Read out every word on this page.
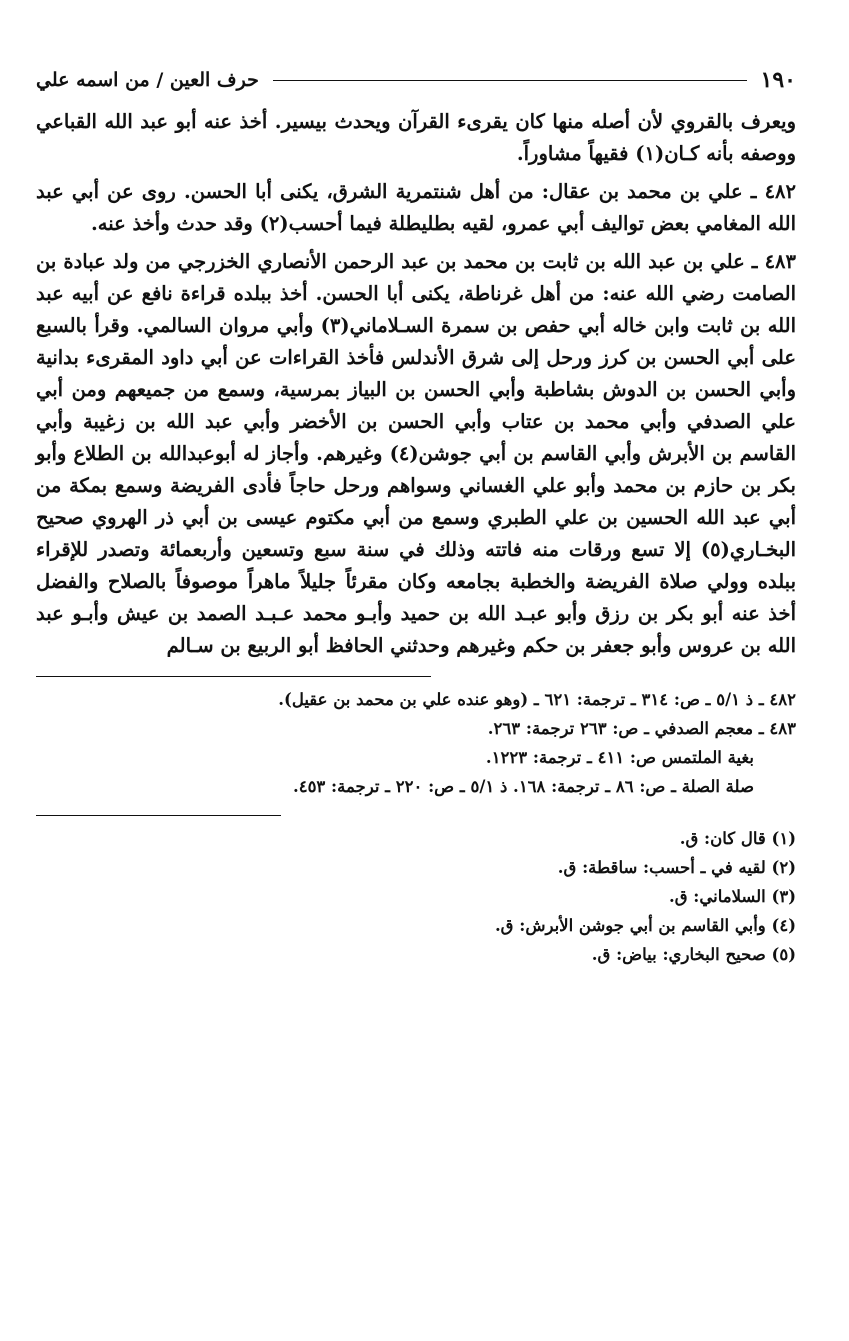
١٩٠
حرف العين / من اسمه علي

ويعرف بالقروي لأن أصله منها كان يقرىء القرآن ويحدث بيسير. أخذ عنه أبو عبد الله القباعي ووصفه بأنه كـان(١) فقيهاً مشاوراً.

٤٨٢ ـ علي بن محمد بن عقال: من أهل شنتمرية الشرق، يكنى أبا الحسن. روى عن أبي عبد الله المغامي بعض تواليف أبي عمرو، لقيه بطليطلة فيما أحسب(٢) وقد حدث وأخذ عنه.

٤٨٣ ـ علي بن عبد الله بن ثابت بن محمد بن عبد الرحمن الأنصاري الخزرجي من ولد عبادة بن الصامت رضي الله عنه: من أهل غرناطة، يكنى أبا الحسن. أخذ ببلده قراءة نافع عن أبيه عبد الله بن ثابت وابن خاله أبي حفص بن سمرة السـلاماني(٣) وأبي مروان السالمي. وقرأ بالسبع على أبي الحسن بن كرز ورحل إلى شرق الأندلس فأخذ القراءات عن أبي داود المقرىء بدانية وأبي الحسن بن الدوش بشاطبة وأبي الحسن بن البياز بمرسية، وسمع من جميعهم ومن أبي علي الصدفي وأبي محمد بن عتاب وأبي الحسن بن الأخضر وأبي عبد الله بن زغيبة وأبي القاسم بن الأبرش وأبي القاسم بن أبي جوشن(٤) وغيرهم. وأجاز له أبوعبدالله بن الطلاع وأبو بكر بن حازم بن محمد وأبو علي الغساني وسواهم ورحل حاجاً فأدى الفريضة وسمع بمكة من أبي عبد الله الحسين بن علي الطبري وسمع من أبي مكتوم عيسى بن أبي ذر الهروي صحيح البخـاري(٥) إلا تسع ورقات منه فاتته وذلك في سنة سبع وتسعين وأربعمائة وتصدر للإقراء ببلده وولي صلاة الفريضة والخطبة بجامعه وكان مقرئاً جليلاً ماهراً موصوفاً بالصلاح والفضل أخذ عنه أبو بكر بن رزق وأبو عبـد الله بن حميد وأبـو محمد عـبـد الصمد بن عيش وأبـو عبد الله بن عروس وأبو جعفر بن حكم وغيرهم وحدثني الحافظ أبو الربيع بن سـالم

٤٨٢ ـ ذ ٥/١ ـ ص: ٣١٤ ـ ترجمة: ٦٢١ ـ (وهو عنده علي بن محمد بن عقيل).
٤٨٣ ـ معجم الصدفي ـ ص: ٢٦٣ ترجمة: ٢٦٣.
بغية الملتمس ص: ٤١١ ـ ترجمة: ١٢٢٣.
صلة الصلة ـ ص: ٨٦ ـ ترجمة: ١٦٨. ذ ٥/١ ـ ص: ٢٢٠ ـ ترجمة: ٤٥٣.
(١) قال كان: ق.
(٢) لقيه في ـ أحسب: ساقطة: ق.
(٣) السلاماني: ق.
(٤) وأبي القاسم بن أبي جوشن الأبرش: ق.
(٥) صحيح البخاري: بياض: ق.
